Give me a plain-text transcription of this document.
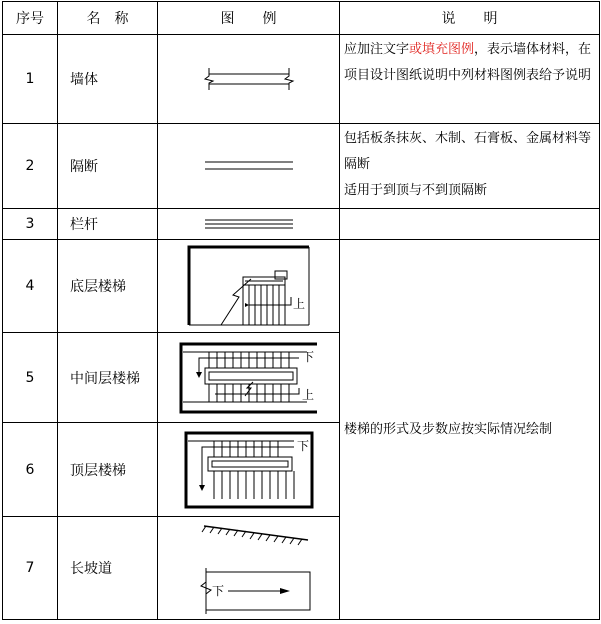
序号	名　称	图　　例	说　　明	
1	墙体		应加注文字或填充图例，表示墙体材料，在项目设计图纸说明中列材料图例表给予说明	
2	隔断		包括板条抹灰、木制、石膏板、金属材料等隔断
适用于到顶与不到顶隔断	

3	栏杆	

4	底层楼梯	上	楼梯的形式及步数应按实际情况绘制	
5	中间层楼梯	下
上		

6	顶层楼梯	下		

7	长坡道	下		
